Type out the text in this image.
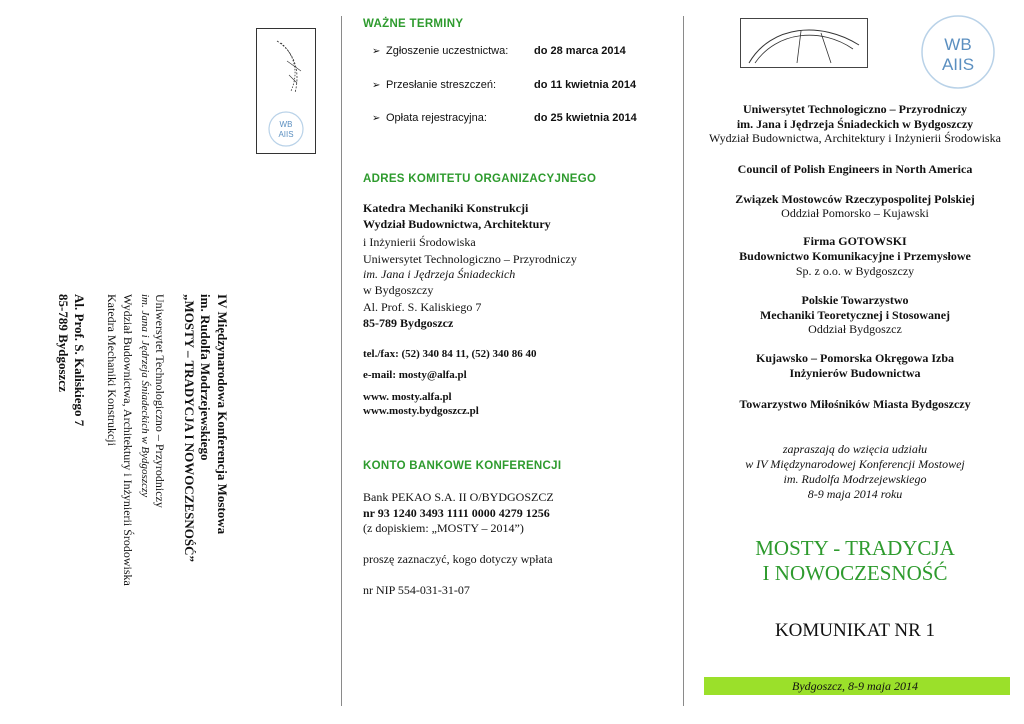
WB
AIIS
IV Międzynarodowa Konferencja Mostowa
im. Rudolfa Modrzejewskiego
„MOSTY – TRADYCJA I NOWOCZESNOŚĆ”
Uniwersytet Technologiczno – Przyrodniczy
im. Jana i Jędrzeja Śniadeckich w Bydgoszczy
Wydział Budownictwa, Architektury i Inżynierii Środowiska
Katedra Mechaniki Konstrukcji
Al. Prof. S. Kaliskiego 7
85-789 Bydgoszcz
WAŻNE TERMINY
➢ Zgłoszenie uczestnictwa: do 28 marca 2014
➢ Przesłanie streszczeń:	do 11 kwietnia 2014
➢ Opłata rejestracyjna:	do 25 kwietnia 2014
ADRES KOMITETU ORGANIZACYJNEGO
Katedra Mechaniki Konstrukcji
Wydział Budownictwa, Architektury
i Inżynierii Środowiska
Uniwersytet Technologiczno – Przyrodniczy
im. Jana i Jędrzeja Śniadeckich
w Bydgoszczy
Al. Prof. S. Kaliskiego 7
85-789 Bydgoszcz
tel./fax: (52) 340 84 11, (52) 340 86 40
e-mail: mosty@alfa.pl
www. mosty.alfa.pl
www.mosty.bydgoszcz.pl
KONTO BANKOWE KONFERENCJI
Bank PEKAO S.A. II O/BYDGOSZCZ
nr 93 1240 3493 1111 0000 4279 1256
(z dopiskiem: „MOSTY – 2014”)
proszę zaznaczyć, kogo dotyczy wpłata
nr NIP 554-031-31-07
WB
AIIS
Uniwersytet Technologiczno – Przyrodniczy
im. Jana i Jędrzeja Śniadeckich w Bydgoszczy
Wydział Budownictwa, Architektury i Inżynierii Środowiska
Council of Polish Engineers in North America
Związek Mostowców Rzeczypospolitej Polskiej
Oddział Pomorsko – Kujawski
Firma GOTOWSKI
Budownictwo Komunikacyjne i Przemysłowe
Sp. z o.o. w Bydgoszczy
Polskie Towarzystwo
Mechaniki Teoretycznej i Stosowanej
Oddział Bydgoszcz
Kujawsko – Pomorska Okręgowa Izba
Inżynierów Budownictwa
Towarzystwo Miłośników Miasta Bydgoszczy
zapraszają do wzięcia udziału
w IV Międzynarodowej Konferencji Mostowej
im. Rudolfa Modrzejewskiego
8-9 maja 2014 roku
MOSTY - TRADYCJA
I NOWOCZESNOŚĆ
KOMUNIKAT NR 1
Bydgoszcz, 8-9 maja 2014
